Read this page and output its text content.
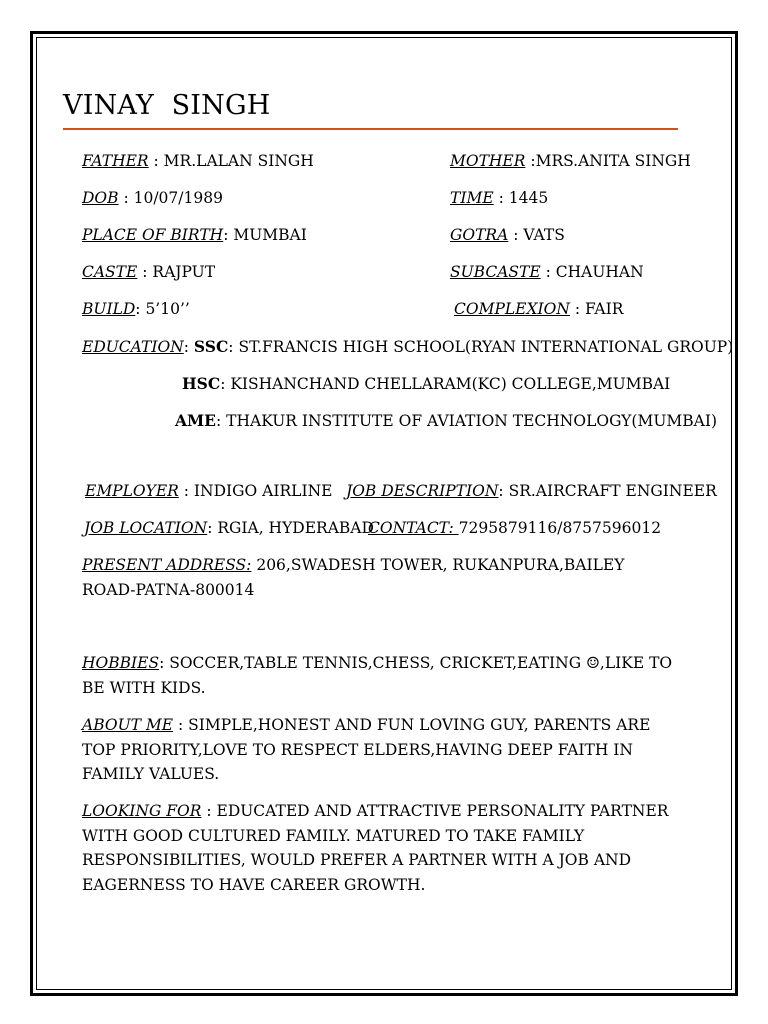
VINAY  SINGH
FATHER : MR.LALAN SINGH	MOTHER :MRS.ANITA SINGH
DOB : 10/07/1989	TIME : 1445
PLACE OF BIRTH: MUMBAI	GOTRA : VATS
CASTE : RAJPUT	SUBCASTE : CHAUHAN
BUILD: 5’10’’	COMPLEXION : FAIR
EDUCATION: SSC: ST.FRANCIS HIGH SCHOOL(RYAN INTERNATIONAL GROUP)
HSC: KISHANCHAND CHELLARAM(KC) COLLEGE,MUMBAI
AME: THAKUR INSTITUTE OF AVIATION TECHNOLOGY(MUMBAI)
EMPLOYER : INDIGO AIRLINE JOB DESCRIPTION: SR.AIRCRAFT ENGINEER
JOB LOCATION: RGIA, HYDERABAD
CONTACT: 7295879116/8757596012
PRESENT ADDRESS: 206,SWADESH TOWER, RUKANPURA,BAILEY ROAD-PATNA-800014
HOBBIES: SOCCER,TABLE TENNIS,CHESS, CRICKET,EATING ☺,LIKE TO BE WITH KIDS.
ABOUT ME : SIMPLE,HONEST AND FUN LOVING GUY, PARENTS ARE TOP PRIORITY,LOVE TO RESPECT ELDERS,HAVING DEEP FAITH IN FAMILY VALUES.
LOOKING FOR : EDUCATED AND ATTRACTIVE PERSONALITY PARTNER WITH GOOD CULTURED FAMILY. MATURED TO TAKE FAMILY RESPONSIBILITIES, WOULD PREFER A PARTNER WITH A JOB AND EAGERNESS TO HAVE CAREER GROWTH.
